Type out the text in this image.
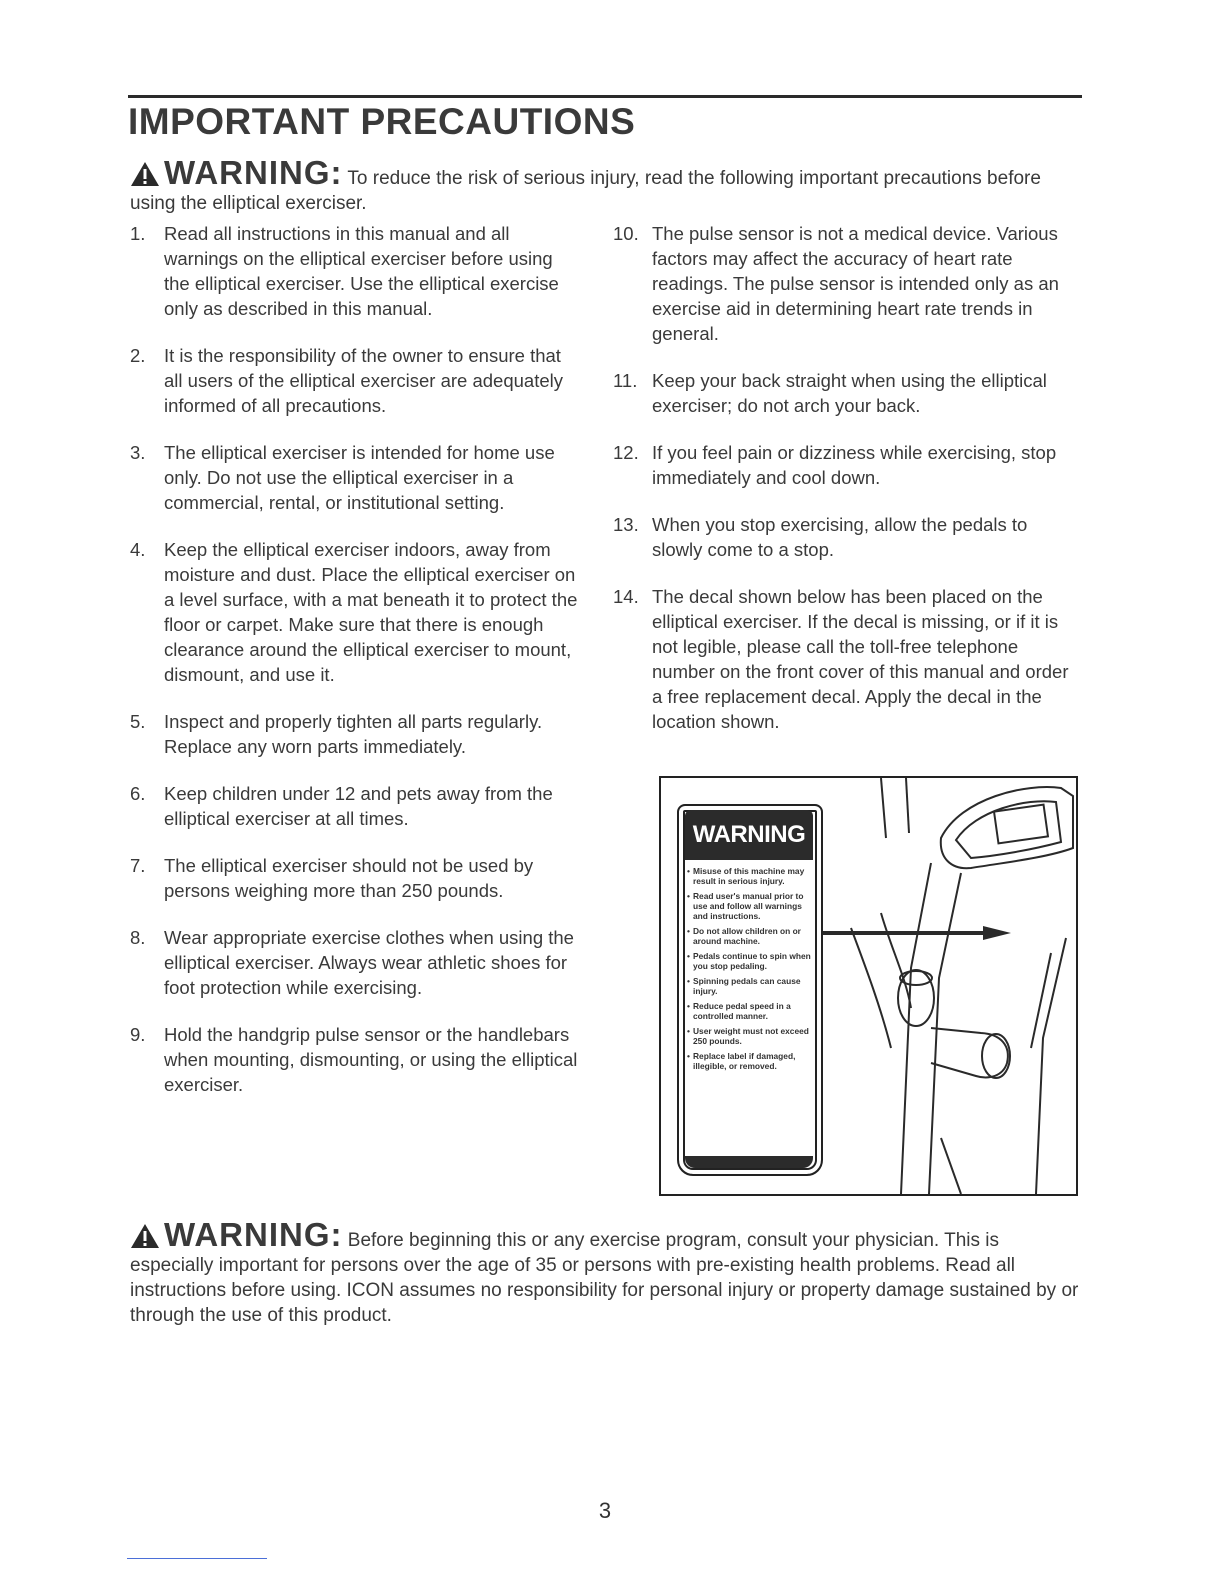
IMPORTANT PRECAUTIONS
WARNING: To reduce the risk of serious injury, read the following important precautions before using the elliptical exerciser.
1. Read all instructions in this manual and all warnings on the elliptical exerciser before using the elliptical exerciser. Use the elliptical exercise only as described in this manual.
2. It is the responsibility of the owner to ensure that all users of the elliptical exerciser are adequately informed of all precautions.
3. The elliptical exerciser is intended for home use only. Do not use the elliptical exerciser in a commercial, rental, or institutional setting.
4. Keep the elliptical exerciser indoors, away from moisture and dust. Place the elliptical exerciser on a level surface, with a mat beneath it to protect the floor or carpet. Make sure that there is enough clearance around the elliptical exerciser to mount, dismount, and use it.
5. Inspect and properly tighten all parts regularly. Replace any worn parts immediately.
6. Keep children under 12 and pets away from the elliptical exerciser at all times.
7. The elliptical exerciser should not be used by persons weighing more than 250 pounds.
8. Wear appropriate exercise clothes when using the elliptical exerciser. Always wear athletic shoes for foot protection while exercising.
9. Hold the handgrip pulse sensor or the handlebars when mounting, dismounting, or using the elliptical exerciser.
10. The pulse sensor is not a medical device. Various factors may affect the accuracy of heart rate readings. The pulse sensor is intended only as an exercise aid in determining heart rate trends in general.
11. Keep your back straight when using the elliptical exerciser; do not arch your back.
12. If you feel pain or dizziness while exercising, stop immediately and cool down.
13. When you stop exercising, allow the pedals to slowly come to a stop.
14. The decal shown below has been placed on the elliptical exerciser. If the decal is missing, or if it is not legible, please call the toll-free telephone number on the front cover of this manual and order a free replacement decal. Apply the decal in the location shown.
WARNING
• Misuse of this machine may result in serious injury.
• Read user's manual prior to use and follow all warnings and instructions.
• Do not allow children on or around machine.
• Pedals continue to spin when you stop pedaling.
• Spinning pedals can cause injury.
• Reduce pedal speed in a controlled manner.
• User weight must not exceed 250 pounds.
• Replace label if damaged, illegible, or removed.
WARNING: Before beginning this or any exercise program, consult your physician. This is especially important for persons over the age of 35 or persons with pre-existing health problems. Read all instructions before using. ICON assumes no responsibility for personal injury or property damage sustained by or through the use of this product.
3
